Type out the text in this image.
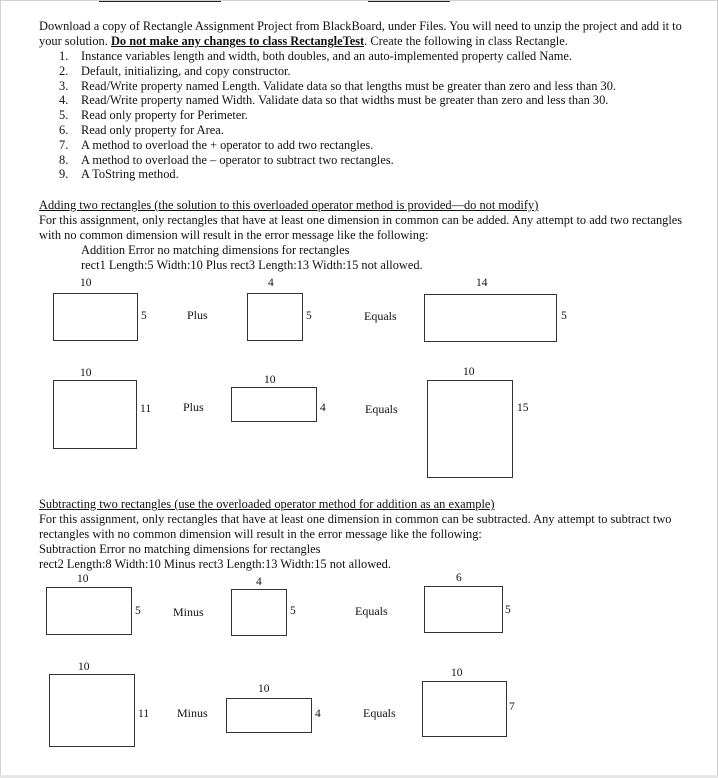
Download a copy of Rectangle Assignment Project from BlackBoard, under Files. You will need to unzip the project and add it to your solution. Do not make any changes to class RectangleTest. Create the following in class Rectangle.

1. Instance variables length and width, both doubles, and an auto-implemented property called Name.
2. Default, initializing, and copy constructor.
3. Read/Write property named Length. Validate data so that lengths must be greater than zero and less than 30.
4. Read/Write property named Width. Validate data so that widths must be greater than zero and less than 30.
5. Read only property for Perimeter.
6. Read only property for Area.
7. A method to overload the + operator to add two rectangles.
8. A method to overload the – operator to subtract two rectangles.
9. A ToString method.

Adding two rectangles (the solution to this overloaded operator method is provided—do not modify)

For this assignment, only rectangles that have at least one dimension in common can be added. Any attempt to add two rectangles with no common dimension will result in the error message like the following:

Addition Error no matching dimensions for rectangles

rect1 Length:5 Width:10 Plus rect3 Length:13 Width:15 not allowed.

10
5	Plus
4
5	Equals
14
5
10
11	Plus
10
4	Equals
10
15

Subtracting two rectangles (use the overloaded operator method for addition as an example)

For this assignment, only rectangles that have at least one dimension in common can be subtracted. Any attempt to subtract two rectangles with no common dimension will result in the error message like the following:

Subtraction Error no matching dimensions for rectangles

rect2 Length:8 Width:10 Minus rect3 Length:13 Width:15 not allowed.

10
5	Minus
4
5	Equals
6
5
10
11 Minus
10
4	Equals
10
7
